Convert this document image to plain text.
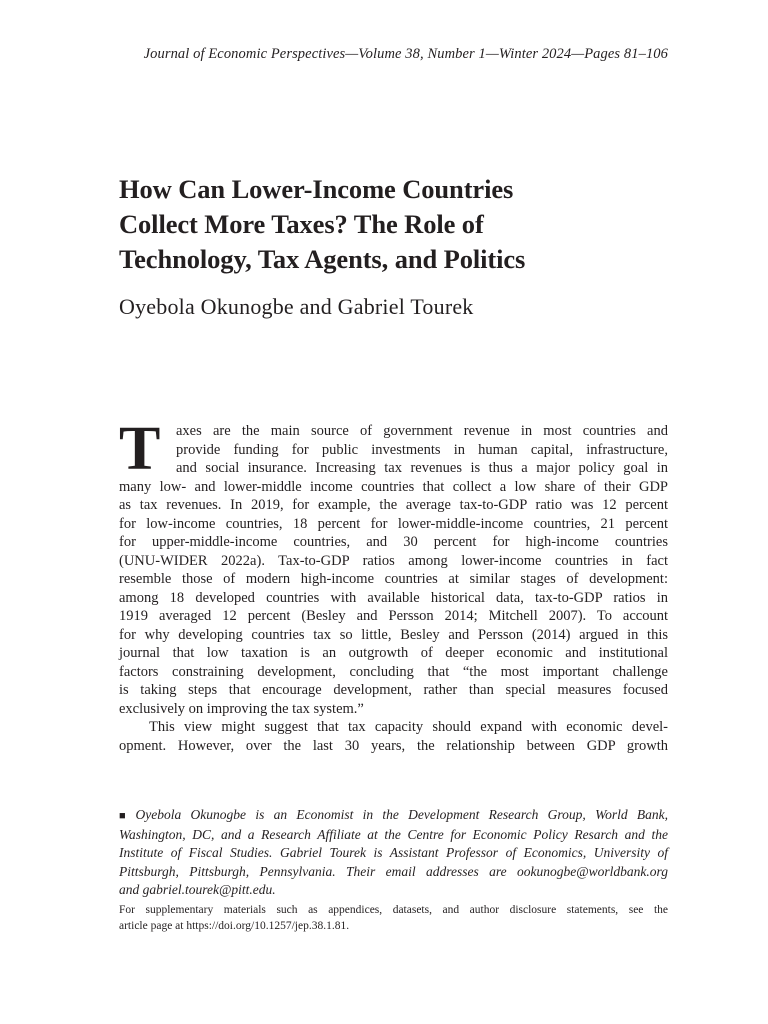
Journal of Economic Perspectives—Volume 38, Number 1—Winter 2024—Pages 81–106
How Can Lower-Income Countries
Collect More Taxes? The Role of
Technology, Tax Agents, and Politics
Oyebola Okunogbe and Gabriel Tourek
T	axes are the main source of government revenue in most countries and
provide funding for public investments in human capital, infrastructure,
and social insurance. Increasing tax revenues is thus a major policy goal in
many low- and lower-middle income countries that collect a low share of their GDP
as tax revenues. In 2019, for example, the average tax-to-GDP ratio was 12 percent
for low-income countries, 18 percent for lower-middle-income countries, 21 percent
for upper-middle-income countries, and 30 percent for high-income countries
(UNU-WIDER 2022a). Tax-to-GDP ratios among lower-income countries in fact
resemble those of modern high-income countries at similar stages of development:
among 18 developed countries with available historical data, tax-to-GDP ratios in
1919 averaged 12 percent (Besley and Persson 2014; Mitchell 2007). To account
for why developing countries tax so little, Besley and Persson (2014) argued in this
journal that low taxation is an outgrowth of deeper economic and institutional
factors constraining development, concluding that “the most important challenge
is taking steps that encourage development, rather than special measures focused
exclusively on improving the tax system.”
This view might suggest that tax capacity should expand with economic devel-
opment. However, over the last 30 years, the relationship between GDP growth
■ Oyebola Okunogbe is an Economist in the Development Research Group, World Bank,
Washington, DC, and a Research Affiliate at the Centre for Economic Policy Resarch and the
Institute of Fiscal Studies. Gabriel Tourek is Assistant Professor of Economics, University of
Pittsburgh, Pittsburgh, Pennsylvania. Their email addresses are ookunogbe@worldbank.org
and gabriel.tourek@pitt.edu.
For supplementary materials such as appendices, datasets, and author disclosure statements, see the
article page at https://doi.org/10.1257/jep.38.1.81.
